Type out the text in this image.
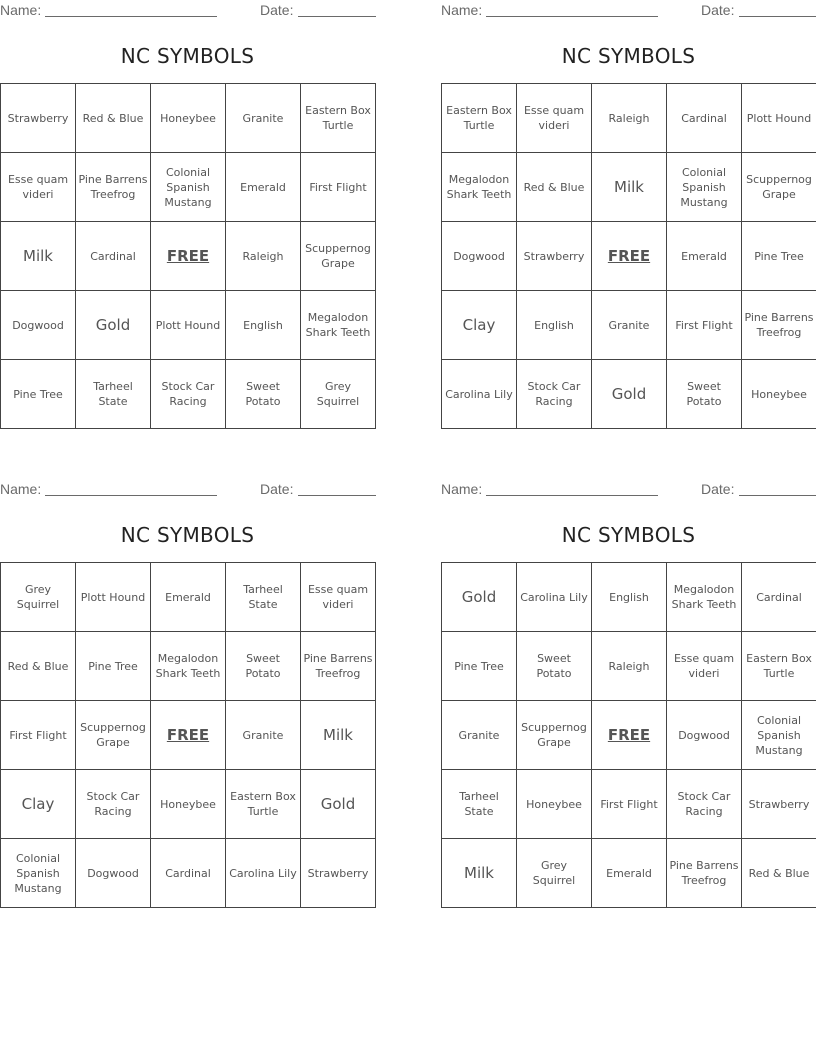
Name:	Date:
NC SYMBOLS
Strawberry	Red & Blue	Honeybee	Granite	Eastern Box Turtle
Esse quam videri	Pine Barrens Treefrog	Colonial Spanish Mustang	Emerald	First Flight
Milk	Cardinal	FREE	Raleigh	Scuppernog Grape
Dogwood	Gold	Plott Hound	English	Megalodon Shark Teeth
Pine Tree	Tarheel State	Stock Car Racing	Sweet Potato	Grey Squirrel
Name:	Date:
NC SYMBOLS
Eastern Box Turtle	Esse quam videri	Raleigh	Cardinal	Plott Hound
Megalodon Shark Teeth	Red & Blue	Milk	Colonial Spanish Mustang	Scuppernog Grape
Dogwood	Strawberry	FREE	Emerald	Pine Tree
Clay	English	Granite	First Flight	Pine Barrens Treefrog
Carolina Lily	Stock Car Racing	Gold	Sweet Potato	Honeybee
Name:	Date:
NC SYMBOLS
Grey Squirrel	Plott Hound	Emerald	Tarheel State	Esse quam videri
Red & Blue	Pine Tree	Megalodon Shark Teeth	Sweet Potato	Pine Barrens Treefrog
First Flight	Scuppernog Grape	FREE	Granite	Milk
Clay	Stock Car Racing	Honeybee	Eastern Box Turtle	Gold
Colonial Spanish Mustang	Dogwood	Cardinal	Carolina Lily	Strawberry
Name:	Date:
NC SYMBOLS
Gold	Carolina Lily	English	Megalodon Shark Teeth	Cardinal
Pine Tree	Sweet Potato	Raleigh	Esse quam videri	Eastern Box Turtle
Granite	Scuppernog Grape	FREE	Dogwood	Colonial Spanish Mustang
Tarheel State	Honeybee	First Flight	Stock Car Racing	Strawberry
Milk	Grey Squirrel	Emerald	Pine Barrens Treefrog	Red & Blue
